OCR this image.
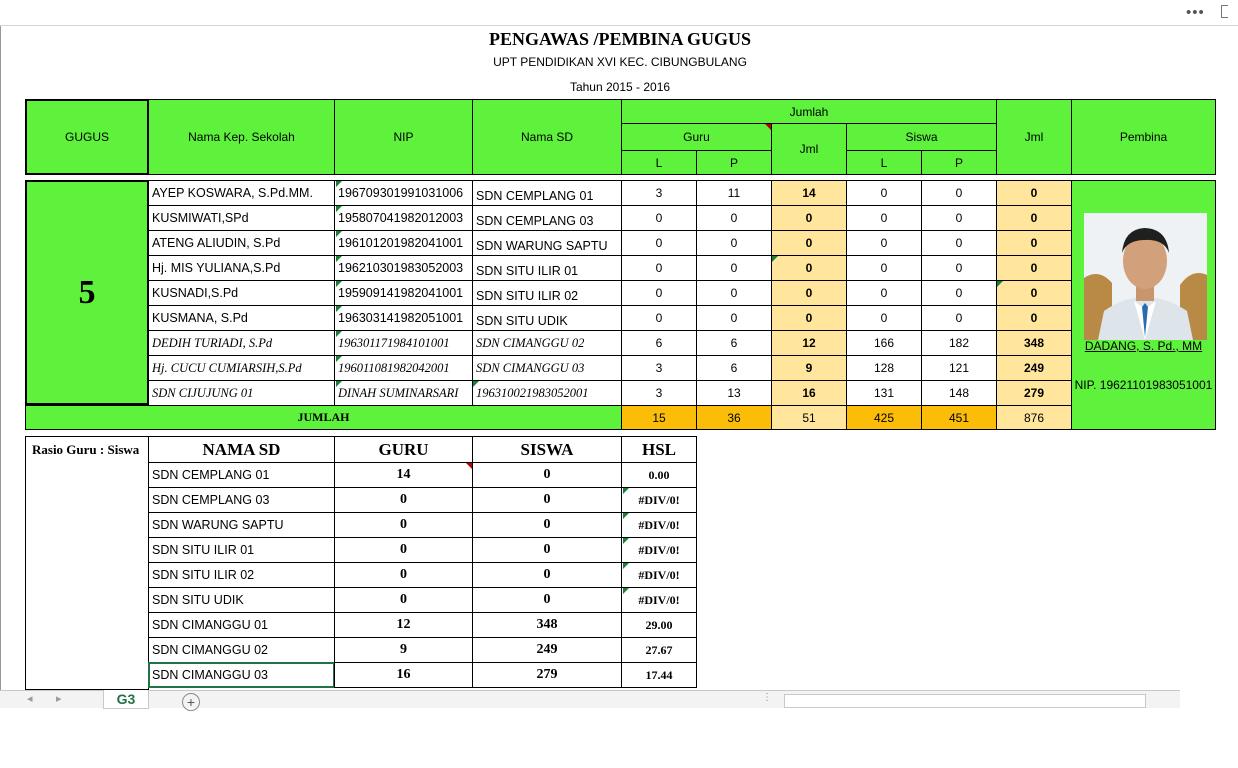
•••
PENGAWAS /PEMBINA GUGUS
UPT PENDIDIKAN XVI KEC. CIBUNGBULANG
Tahun 2015 - 2016
GUGUS	Nama Kep. Sekolah	NIP	Nama SD
Jumlah
Guru
Jml
Siswa
L	P	L	P
Jml	Pembina
5
DADANG, S. Pd., MM
NIP. 19621101983051001
AYEP KOSWARA, S.Pd.MM.	196709301991031006	SDN CEMPLANG 01	3	11	14	0	0	0
KUSMIWATI,SPd	195807041982012003	SDN CEMPLANG 03	0	0	0	0	0	0
ATENG ALIUDIN, S.Pd	196101201982041001	SDN WARUNG SAPTU	0	0	0	0	0	0
Hj. MIS YULIANA,S.Pd	196210301983052003	SDN SITU ILIR 01	0	0	0	0	0	0
KUSNADI,S.Pd	195909141982041001	SDN SITU ILIR 02	0	0	0	0	0	0
KUSMANA, S.Pd	196303141982051001	SDN SITU UDIK	0	0	0	0	0	0
DEDIH TURIADI, S.Pd	196301171984101001	SDN CIMANGGU 02	6	6	12	166	182	348
Hj. CUCU CUMIARSIH,S.Pd	196011081982042001	SDN CIMANGGU 03	3	6	9	128	121	249
SDN CIJUJUNG 01	DINAH SUMINARSARI	196310021983052001	3	13	16	131	148	279
JUMLAH	15	36	51	425	451	876
Rasio Guru : Siswa	NAMA SD	GURU	SISWA	HSL
SDN CEMPLANG 01	14	0	0.00
SDN CEMPLANG 03	0	0	#DIV/0!
SDN WARUNG SAPTU	0	0	#DIV/0!
SDN SITU ILIR 01	0	0	#DIV/0!
SDN SITU ILIR 02	0	0	#DIV/0!
SDN SITU UDIK	0	0	#DIV/0!
SDN CIMANGGU 01	12	348	29.00
SDN CIMANGGU 02	9	249	27.67
SDN CIMANGGU 03	16	279	17.44
◂ ▸	G3	+	⋮
